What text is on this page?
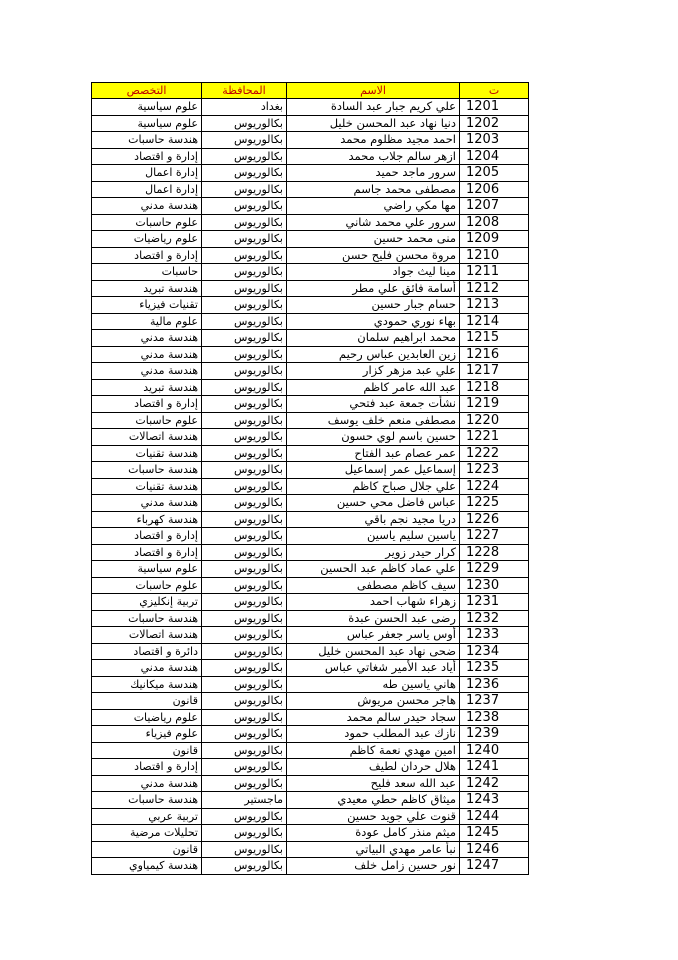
ت	الاسم	المحافظة	التخصص
1201	علي كريم جبار عبد السادة	بغداد	علوم سياسية
1202	دنيا نهاد عبد المحسن خليل	بكالوريوس	علوم سياسية
1203	احمد مجيد مظلوم محمد	بكالوريوس	هندسة حاسبات
1204	ازهر سالم جلاب محمد	بكالوريوس	إدارة و اقتصاد
1205	سرور ماجد حميد	بكالوريوس	إدارة اعمال
1206	مصطفى محمد جاسم	بكالوريوس	إدارة اعمال
1207	مها مكي راضي	بكالوريوس	هندسة مدني
1208	سرور علي محمد شاني	بكالوريوس	علوم حاسبات
1209	منى محمد حسين	بكالوريوس	علوم رياضيات
1210	مروة محسن فليح حسن	بكالوريوس	إدارة و اقتصاد
1211	مينا ليث جواد	بكالوريوس	حاسبات
1212	أسامة فائق علي مطر	بكالوريوس	هندسة تبريد
1213	حسام جبار حسين	بكالوريوس	تقنيات فيزياء
1214	بهاء نوري حمودي	بكالوريوس	علوم مالية
1215	محمد ابراهيم سلمان	بكالوريوس	هندسة مدني
1216	زين العابدين عباس رحيم	بكالوريوس	هندسة مدني
1217	علي عبد مزهر كزار	بكالوريوس	هندسة مدني
1218	عبد الله عامر كاظم	بكالوريوس	هندسة تبريد
1219	نشأت جمعة عبد فتحي	بكالوريوس	إدارة و اقتصاد
1220	مصطفى منعم خلف يوسف	بكالوريوس	علوم حاسبات
1221	حسين باسم لوي حسون	بكالوريوس	هندسة اتصالات
1222	عمر عصام عبد الفتاح	بكالوريوس	هندسة تقنيات
1223	إسماعيل عمر إسماعيل	بكالوريوس	هندسة حاسبات
1224	علي جلال صباح كاظم	بكالوريوس	هندسة تقنيات
1225	عباس فاضل محي حسين	بكالوريوس	هندسة مدني
1226	دريا مجيد نجم باقي	بكالوريوس	هندسة كهرباء
1227	ياسين سليم ياسين	بكالوريوس	إدارة و اقتصاد
1228	كرار حيدر زوير	بكالوريوس	إدارة و اقتصاد
1229	علي عماد كاظم عبد الحسين	بكالوريوس	علوم سياسية
1230	سيف كاظم مصطفى	بكالوريوس	علوم حاسبات
1231	زهراء شهاب احمد	بكالوريوس	تربية إنكليزي
1232	رضى عبد الحسن عبدة	بكالوريوس	هندسة حاسبات
1233	أوس ياسر جعفر عباس	بكالوريوس	هندسة اتصالات
1234	ضحى نهاد عبد المحسن خليل	بكالوريوس	دائرة و اقتصاد
1235	أياد عبد الأمير شغاتي عباس	بكالوريوس	هندسة مدني
1236	هاني ياسين طه	بكالوريوس	هندسة ميكانيك
1237	هاجر محسن مريوش	بكالوريوس	قانون
1238	سجاد حيدر سالم محمد	بكالوريوس	علوم رياضيات
1239	نازك عبد المطلب حمود	بكالوريوس	علوم فيزياء
1240	امين مهدي نعمة كاظم	بكالوريوس	قانون
1241	هلال حردان لطيف	بكالوريوس	إدارة و اقتصاد
1242	عبد الله سعد فليح	بكالوريوس	هندسة مدني
1243	ميثاق كاظم حطي معيدي	ماجستير	هندسة حاسبات
1244	قنوت علي جويد حسين	بكالوريوس	تربية عربي
1245	ميثم منذر كامل عودة	بكالوريوس	تحليلات مرضية
1246	نبأ عامر مهدي البياتي	بكالوريوس	قانون
1247	نور حسين زامل خلف	بكالوريوس	هندسة كيمياوي
